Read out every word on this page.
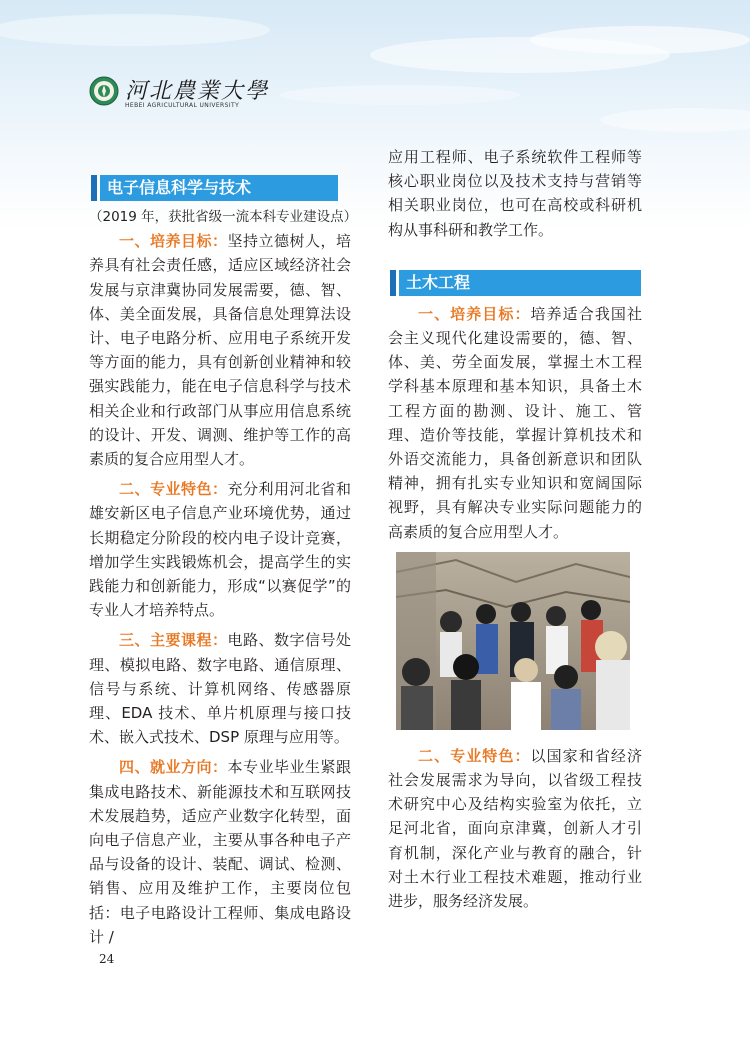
河北農業大學
HEBEI AGRICULTURAL UNIVERSITY
电子信息科学与技术

（2019 年，获批省级一流本科专业建设点）

一、培养目标：坚持立德树人，培养具有社会责任感，适应区域经济社会发展与京津冀协同发展需要，德、智、体、美全面发展，具备信息处理算法设计、电子电路分析、应用电子系统开发等方面的能力，具有创新创业精神和较强实践能力，能在电子信息科学与技术相关企业和行政部门从事应用信息系统的设计、开发、调测、维护等工作的高素质的复合应用型人才。

二、专业特色：充分利用河北省和雄安新区电子信息产业环境优势，通过长期稳定分阶段的校内电子设计竞赛，增加学生实践锻炼机会，提高学生的实践能力和创新能力，形成“以赛促学”的专业人才培养特点。

三、主要课程：电路、数字信号处理、模拟电路、数字电路、通信原理、信号与系统、计算机网络、传感器原理、EDA 技术、单片机原理与接口技术、嵌入式技术、DSP 原理与应用等。

四、就业方向：本专业毕业生紧跟集成电路技术、新能源技术和互联网技术发展趋势，适应产业数字化转型，面向电子信息产业，主要从事各种电子产品与设备的设计、装配、调试、检测、销售、应用及维护工作，主要岗位包括：电子电路设计工程师、集成电路设计 /

应用工程师、电子系统软件工程师等核心职业岗位以及技术支持与营销等相关职业岗位，也可在高校或科研机构从事科研和教学工作。

土木工程

一、培养目标：培养适合我国社会主义现代化建设需要的，德、智、体、美、劳全面发展，掌握土木工程学科基本原理和基本知识，具备土木工程方面的勘测、设计、施工、管理、造价等技能，掌握计算机技术和外语交流能力，具备创新意识和团队精神，拥有扎实专业知识和宽阔国际视野，具有解决专业实际问题能力的高素质的复合应用型人才。

二、专业特色：以国家和省经济社会发展需求为导向，以省级工程技术研究中心及结构实验室为依托，立足河北省，面向京津冀，创新人才引育机制，深化产业与教育的融合，针对土木行业工程技术难题，推动行业进步，服务经济发展。

24
